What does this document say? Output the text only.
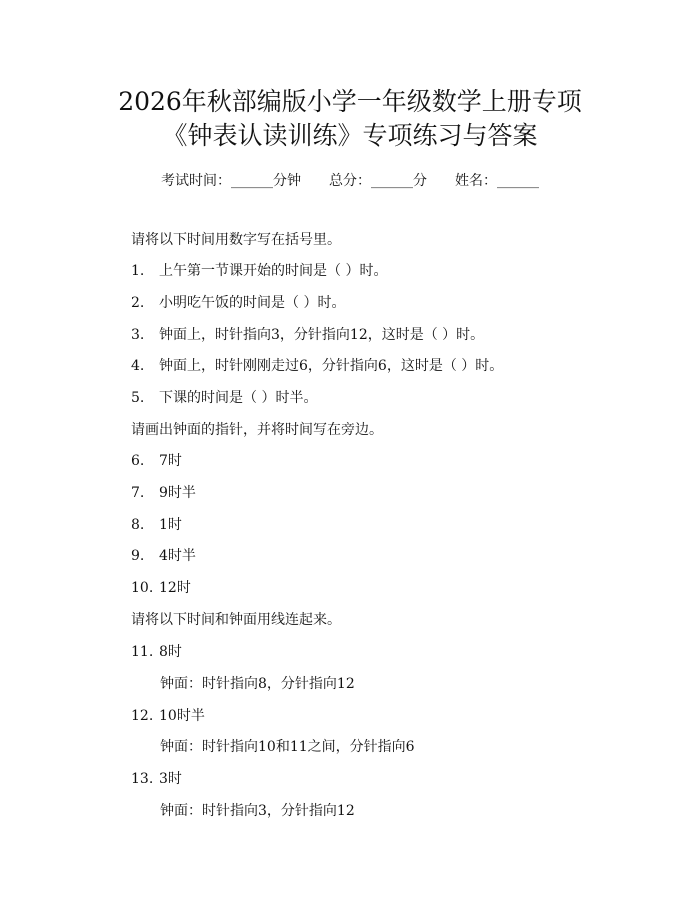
2026年秋部编版小学一年级数学上册专项
《钟表认读训练》专项练习与答案
考试时间：______分钟　　总分：______分　　姓名：______
请将以下时间用数字写在括号里。
1. 上午第一节课开始的时间是（ ）时。
2. 小明吃午饭的时间是（ ）时。
3. 钟面上，时针指向3，分针指向12，这时是（ ）时。
4. 钟面上，时针刚刚走过6，分针指向6，这时是（ ）时。
5. 下课的时间是（ ）时半。
请画出钟面的指针，并将时间写在旁边。
6. 7时
7. 9时半
8. 1时
9. 4时半
10. 12时
请将以下时间和钟面用线连起来。
11. 8时
钟面：时针指向8，分针指向12
12. 10时半
钟面：时针指向10和11之间，分针指向6
13. 3时
钟面：时针指向3，分针指向12
